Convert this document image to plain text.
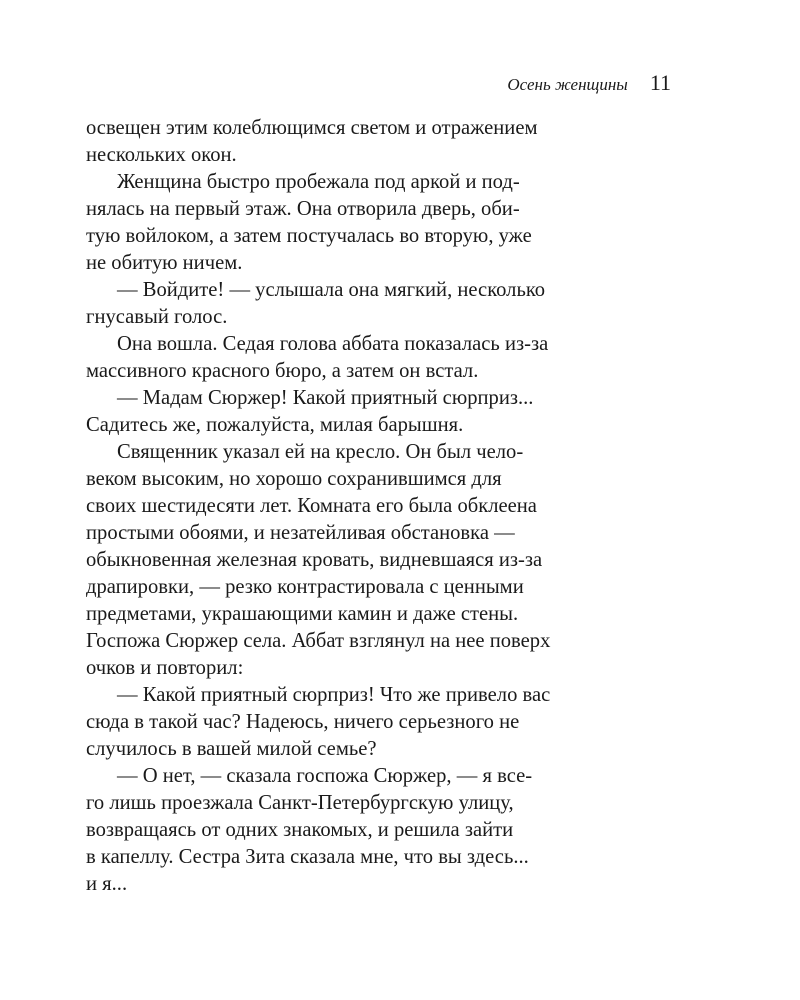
Осень женщины 11

освещен этим колеблющимся светом и отражением
нескольких окон.

Женщина быстро пробежала под аркой и под-
нялась на первый этаж. Она отворила дверь, оби-
тую войлоком, а затем постучалась во вторую, уже
не обитую ничем.

— Войдите! — услышала она мягкий, несколько
гнусавый голос.

Она вошла. Седая голова аббата показалась из-за
массивного красного бюро, а затем он встал.

— Мадам Сюржер! Какой приятный сюрприз...
Садитесь же, пожалуйста, милая барышня.

Священник указал ей на кресло. Он был чело-
веком высоким, но хорошо сохранившимся для
своих шестидесяти лет. Комната его была обклеена
простыми обоями, и незатейливая обстановка —
обыкновенная железная кровать, видневшаяся из-за
драпировки, — резко контрастировала с ценными
предметами, украшающими камин и даже стены.
Госпожа Сюржер села. Аббат взглянул на нее поверх
очков и повторил:

— Какой приятный сюрприз! Что же привело вас
сюда в такой час? Надеюсь, ничего серьезного не
случилось в вашей милой семье?

— О нет, — сказала госпожа Сюржер, — я все-
го лишь проезжала Санкт-Петербургскую улицу,
возвращаясь от одних знакомых, и решила зайти
в капеллу. Сестра Зита сказала мне, что вы здесь...
и я...
